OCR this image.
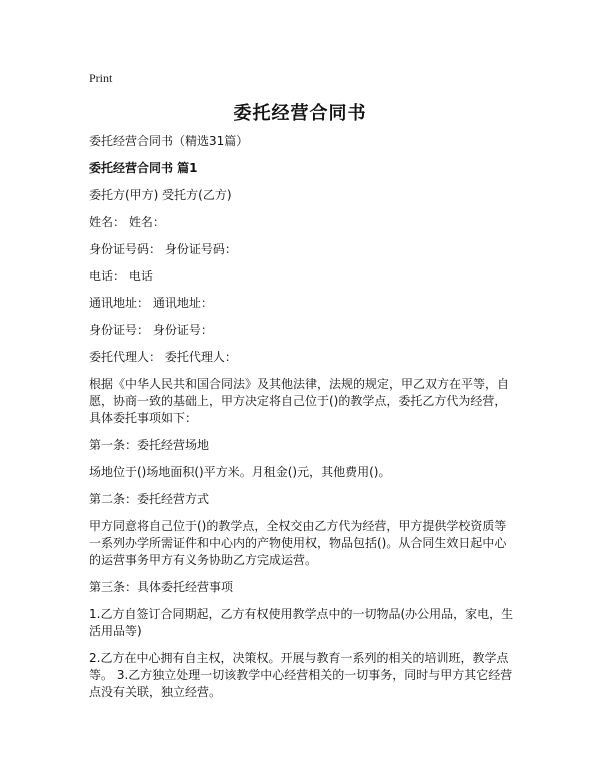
Print
委托经营合同书

委托经营合同书（精选31篇）

委托经营合同书 篇1

委托方(甲方) 受托方(乙方)

姓名： 姓名：

身份证号码： 身份证号码：

电话： 电话

通讯地址： 通讯地址：

身份证号： 身份证号：

委托代理人： 委托代理人：

根据《中华人民共和国合同法》及其他法律，法规的规定，甲乙双方在平等，自愿，协商一致的基础上，甲方决定将自己位于()的教学点，委托乙方代为经营，具体委托事项如下：

第一条：委托经营场地

场地位于()场地面积()平方米。月租金()元，其他费用()。

第二条：委托经营方式

甲方同意将自己位于()的教学点，全权交由乙方代为经营，甲方提供学校资质等一系列办学所需证件和中心内的产物使用权，物品包括()。从合同生效日起中心的运营事务甲方有义务协助乙方完成运营。

第三条：具体委托经营事项

1.乙方自签订合同期起，乙方有权使用教学点中的一切物品(办公用品，家电，生活用品等)

2.乙方在中心拥有自主权，决策权。开展与教育一系列的相关的培训班，教学点等。 3.乙方独立处理一切该教学中心经营相关的一切事务，同时与甲方其它经营点没有关联，独立经营。
